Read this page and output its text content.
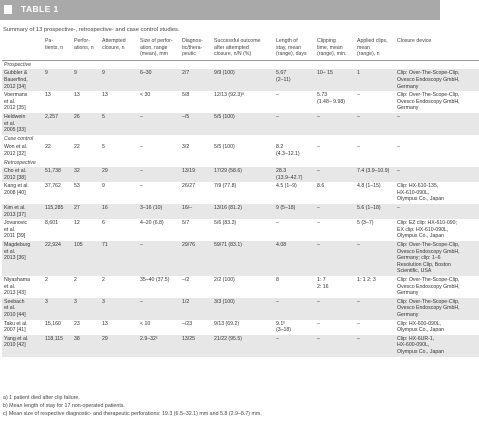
TABLE 1
Summary of 13 prospective-, retrospective- and case control studies.
	Pa-
tients, n	Perfor-
ations, n	Attempted
closure, n	Size of perfor-
ation, range
(mean), mm	Diagnos-
tic/thera-
peutic	Successful outcome
after attempted
closure, n/N (%)	Length of
stay, mean
(range), days	Clipping
time, mean
(range), min.	Applied clips,
mean
(range), n	Closure device
Prospective										
Gubbler &
Bauerfind,
2012 [34]	9	9	9	6–30	2/7	9/9 (100)	5.67
(2–11)	10– 15	1	Clip: Over-The-Scope-Clip,
Ovesco Endoscopy GmbH,
Germany
Voermans
et al.
2012 [35]	13	13	13	< 30	5/8	12/13 (92.3)ᵃ	–	5.73
(1.48– 9.98)	–	Clip: Over-The-Scope-Clip,
Ovesco Endoscopy GmbH,
Germany
Heldwein
et al.
2005 [33]	2,257	26	5	–	–/5	5/5 (100)	–	–	–	–
Case control										
Won et al.
2012 [32]	22	22	5	–	3/2	5/5 (100)	8.2
(4.3–12.1)	–	–	–
Retrospective										
Cho et al.
2012 [38]	51,738	32	29	–	13/19	17/29 (58.6)	28.3
(13.9–42.7)	–	7.4 (3.9–10.9)	–
Kang et al.
2008 [40]	37,762	53	9	–	26/27	7/9 (77.8)	4.5 (1–9)	8.6	4.8 (1–15)	Clip: HX-610-135,
HX-610-090L,
Olympus Co., Japan
Kim et al.
2013 [37]	115,285	27	16	3–16 (10)	16/–	13/16 (81.2)	9 (5–18)	–	5.6 (1–18)	–
Jovanovic
et al.
2011 [39]	8,601	12	6	4–20 (6.8)	5/7	5/6 (83.3)	–	–	5 (3–7)	Clip: EZ clip: HX-610-090;
EX clip: HX-610-090L,
Olympus Co., Japan
Magdeburg
et al.
2013 [36]	22,924	105	71	–	29/76	59/71 (83.1)	4.08	–	–	Clip: Over-The-Scope-Clip,
Ovesco Endoscopy GmbH,
Germany; clip: 1–6
Resolution Clip, Boston
Scientific, USA
Niyashama
et al.
2013 [43]	2	2	2	35–40 (37.5)	–/2	2/2 (100)	8	1: 7
2: 16	1: 1 2: 3	Clip: Over-The-Scope-Clip,
Ovesco Endoscopy GmbH,
Germany
Seebach
et al.
2010 [44]	3	3	3	–	1/2	3/3 (100)	–	–	–	Clip: Over-The-Scope-Clip,
Ovesco Endoscopy GmbH,
Germany
Taku et al.
2007 [41]	15,160	23	13	< 10	–/23	9/13 (69.2)	9.1ᵇ
(3–18)	–	–	Clip: HX-600-090L,
Olympus Co., Japan
Yang et al.
2010 [42]	118,115	38	29	2.9–32ᶜ	13/25	21/22 (95.5)	–	–	–	Clip: HX-6UR-1,
HX-600-090L,
Olympus Co., Japan
a) 1 patient died after clip failure.
b) Mean length of stay for 17 non-operated patients.
c) Mean size of respective diagnostic- and therapeutic perforations: 19.3 (6.5–32.1) mm and 5.8 (2.9–8.7) mm.
